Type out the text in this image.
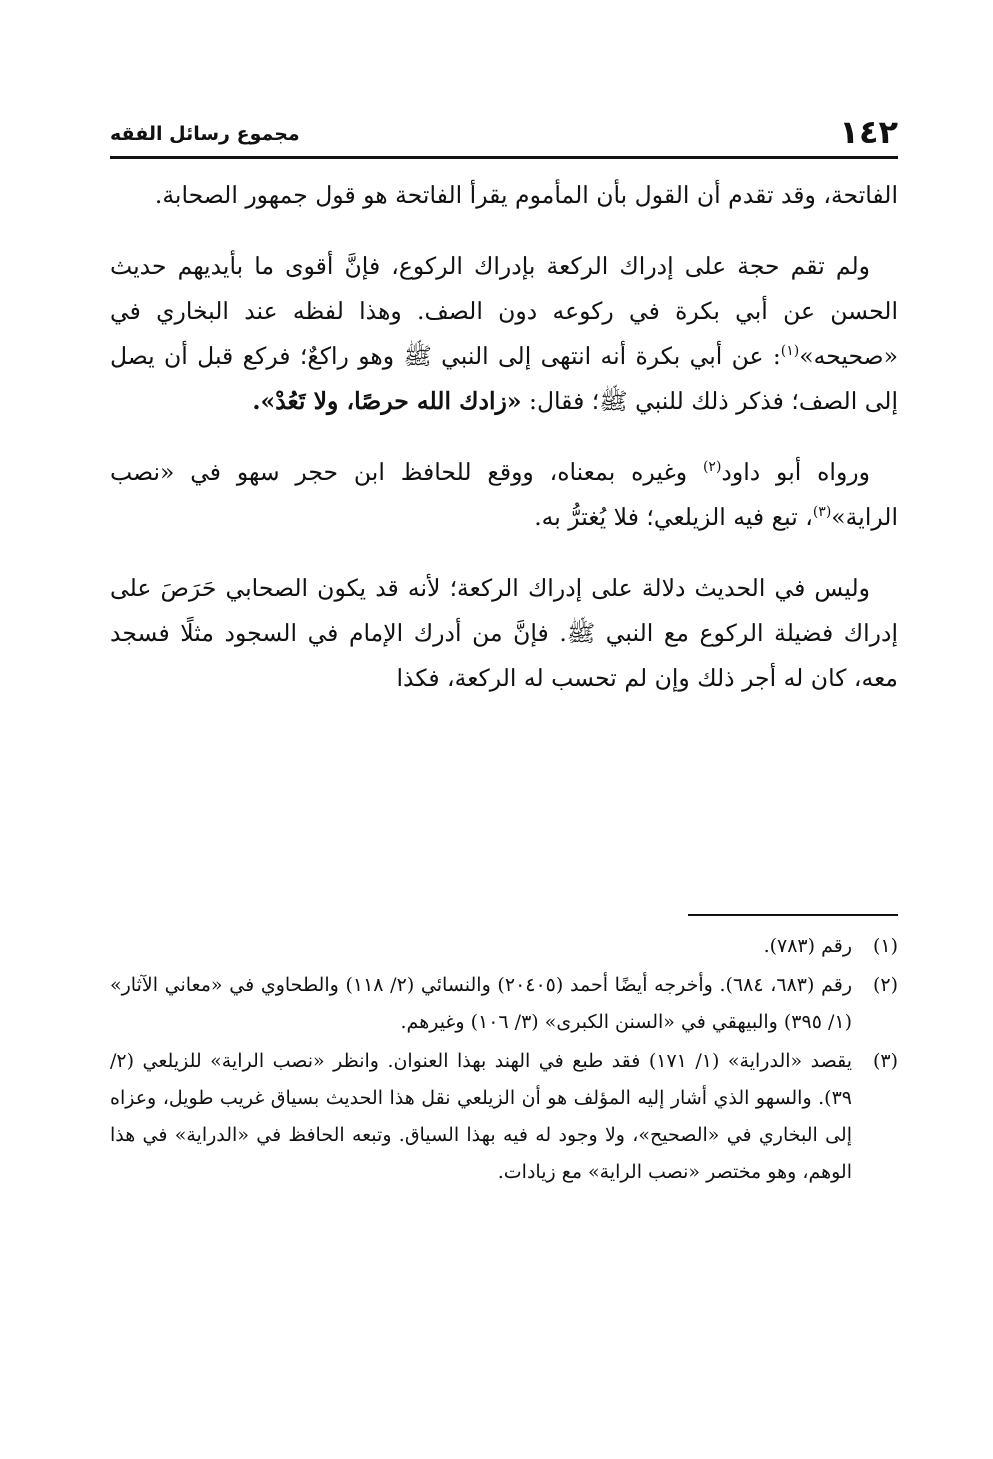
١٤٢
مجموع رسائل الفقه

الفاتحة، وقد تقدم أن القول بأن المأموم يقرأ الفاتحة هو قول جمهور الصحابة.

ولم تقم حجة على إدراك الركعة بإدراك الركوع، فإنَّ أقوى ما بأيديهم حديث الحسن عن أبي بكرة في ركوعه دون الصف. وهذا لفظه عند البخاري في «صحيحه»$^{(١)}$: عن أبي بكرة أنه انتهى إلى النبي ﷺ وهو راكعٌ؛ فركع قبل أن يصل إلى الصف؛ فذكر ذلك للنبي ﷺ؛ فقال: «زادك الله حرصًا، ولا تَعُدْ».

ورواه أبو داود$^{(٢)}$ وغيره بمعناه، ووقع للحافظ ابن حجر سهو في «نصب الراية»$^{(٣)}$، تبع فيه الزيلعي؛ فلا يُغترُّ به.

وليس في الحديث دلالة على إدراك الركعة؛ لأنه قد يكون الصحابي حَرَصَ على إدراك فضيلة الركوع مع النبي ﷺ. فإنَّ من أدرك الإمام في السجود مثلًا فسجد معه، كان له أجر ذلك وإن لم تحسب له الركعة، فكذا

(١)
رقم (٧٨٣).
(٢)
رقم (٦٨٣، ٦٨٤). وأخرجه أيضًا أحمد (٢٠٤٠٥) والنسائي (٢/ ١١٨) والطحاوي في «معاني الآثار» (١/ ٣٩٥) والبيهقي في «السنن الكبرى» (٣/ ١٠٦) وغيرهم.
(٣)
يقصد «الدراية» (١/ ١٧١) فقد طبع في الهند بهذا العنوان. وانظر «نصب الراية» للزيلعي (٢/ ٣٩). والسهو الذي أشار إليه المؤلف هو أن الزيلعي نقل هذا الحديث بسياق غريب طويل، وعزاه إلى البخاري في «الصحيح»، ولا وجود له فيه بهذا السياق. وتبعه الحافظ في «الدراية» في هذا الوهم، وهو مختصر «نصب الراية» مع زيادات.
